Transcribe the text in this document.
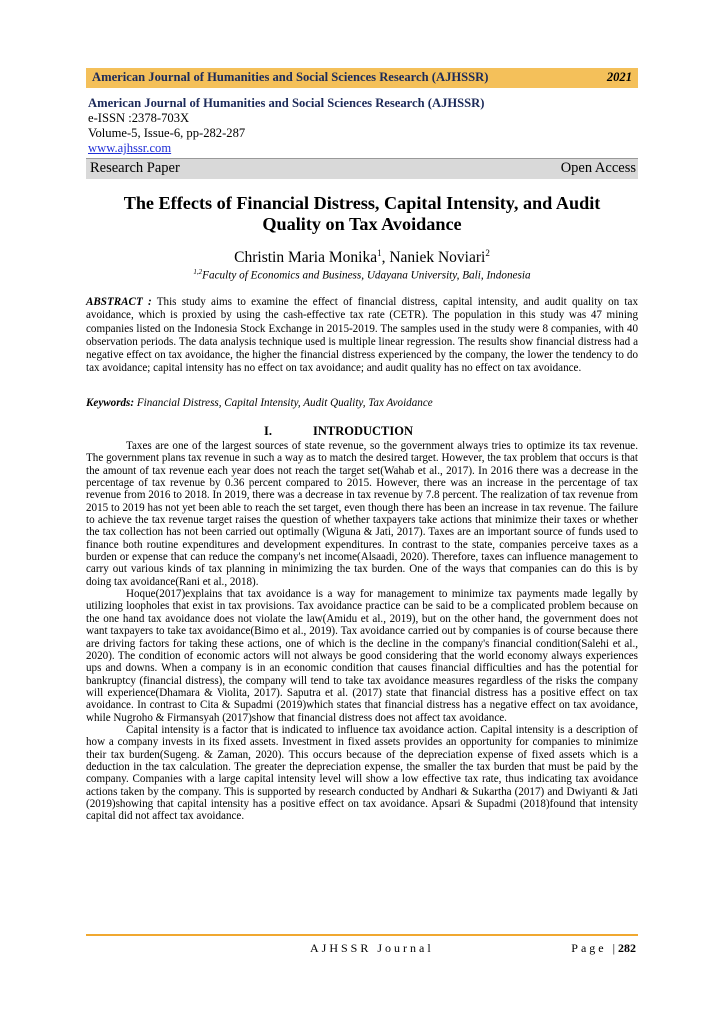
American Journal of Humanities and Social Sciences Research (AJHSSR)	2021
American Journal of Humanities and Social Sciences Research (AJHSSR)
e-ISSN :2378-703X
Volume-5, Issue-6, pp-282-287
www.ajhssr.com
Research Paper	Open Access
The Effects of Financial Distress, Capital Intensity, and Audit
Quality on Tax Avoidance
Christin Maria Monika$^1$, Naniek Noviari$^2$
$^{1,2}$Faculty of Economics and Business, Udayana University, Bali, Indonesia
ABSTRACT : This study aims to examine the effect of financial distress, capital intensity, and audit quality on tax avoidance, which is proxied by using the cash-effective tax rate (CETR). The population in this study was 47 mining companies listed on the Indonesia Stock Exchange in 2015-2019. The samples used in the study were 8 companies, with 40 observation periods. The data analysis technique used is multiple linear regression. The results show financial distress had a negative effect on tax avoidance, the higher the financial distress experienced by the company, the lower the tendency to do tax avoidance; capital intensity has no effect on tax avoidance; and audit quality has no effect on tax avoidance.
Keywords: Financial Distress, Capital Intensity, Audit Quality, Tax Avoidance
I.	INTRODUCTION

Taxes are one of the largest sources of state revenue, so the government always tries to optimize its tax revenue. The government plans tax revenue in such a way as to match the desired target. However, the tax problem that occurs is that the amount of tax revenue each year does not reach the target set(Wahab et al., 2017). In 2016 there was a decrease in the percentage of tax revenue by 0.36 percent compared to 2015. However, there was an increase in the percentage of tax revenue from 2016 to 2018. In 2019, there was a decrease in tax revenue by 7.8 percent. The realization of tax revenue from 2015 to 2019 has not yet been able to reach the set target, even though there has been an increase in tax revenue. The failure to achieve the tax revenue target raises the question of whether taxpayers take actions that minimize their taxes or whether the tax collection has not been carried out optimally (Wiguna & Jati, 2017). Taxes are an important source of funds used to finance both routine expenditures and development expenditures. In contrast to the state, companies perceive taxes as a burden or expense that can reduce the company's net income(Alsaadi, 2020). Therefore, taxes can influence management to carry out various kinds of tax planning in minimizing the tax burden. One of the ways that companies can do this is by doing tax avoidance(Rani et al., 2018).

Hoque(2017)explains that tax avoidance is a way for management to minimize tax payments made legally by utilizing loopholes that exist in tax provisions. Tax avoidance practice can be said to be a complicated problem because on the one hand tax avoidance does not violate the law(Amidu et al., 2019), but on the other hand, the government does not want taxpayers to take tax avoidance(Bimo et al., 2019). Tax avoidance carried out by companies is of course because there are driving factors for taking these actions, one of which is the decline in the company's financial condition(Salehi et al., 2020). The condition of economic actors will not always be good considering that the world economy always experiences ups and downs. When a company is in an economic condition that causes financial difficulties and has the potential for bankruptcy (financial distress), the company will tend to take tax avoidance measures regardless of the risks the company will experience(Dhamara & Violita, 2017). Saputra et al. (2017) state that financial distress has a positive effect on tax avoidance. In contrast to Cita & Supadmi (2019)which states that financial distress has a negative effect on tax avoidance, while Nugroho & Firmansyah (2017)show that financial distress does not affect tax avoidance.

Capital intensity is a factor that is indicated to influence tax avoidance action. Capital intensity is a description of how a company invests in its fixed assets. Investment in fixed assets provides an opportunity for companies to minimize their tax burden(Sugeng. & Zaman, 2020). This occurs because of the depreciation expense of fixed assets which is a deduction in the tax calculation. The greater the depreciation expense, the smaller the tax burden that must be paid by the company. Companies with a large capital intensity level will show a low effective tax rate, thus indicating tax avoidance actions taken by the company. This is supported by research conducted by Andhari & Sukartha (2017) and Dwiyanti & Jati (2019)showing that capital intensity has a positive effect on tax avoidance. Apsari & Supadmi (2018)found that intensity capital did not affect tax avoidance.

AJHSSR Journal	Page |282
